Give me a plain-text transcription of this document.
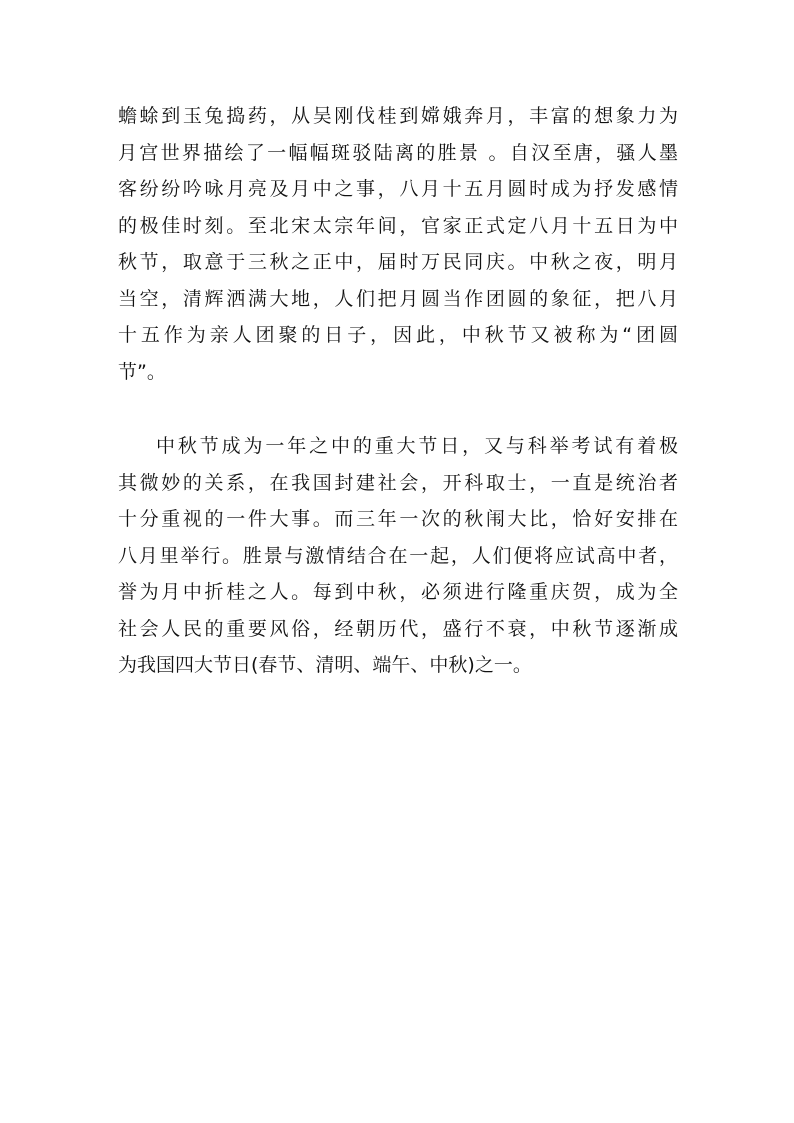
蟾蜍到玉兔捣药，从吴刚伐桂到嫦娥奔月，丰富的想象力为
月宫世界描绘了一幅幅斑驳陆离的胜景 。自汉至唐，骚人墨
客纷纷吟咏月亮及月中之事，八月十五月圆时成为抒发感情
的极佳时刻。至北宋太宗年间，官家正式定八月十五日为中
秋节，取意于三秋之正中，届时万民同庆。中秋之夜，明月
当空，清辉洒满大地，人们把月圆当作团圆的象征，把八月
十五作为亲人团聚的日子，因此，中秋节又被称为“团圆
节”。
中秋节成为一年之中的重大节日，又与科举考试有着极
其微妙的关系，在我国封建社会，开科取士，一直是统治者
十分重视的一件大事。而三年一次的秋闱大比，恰好安排在
八月里举行。胜景与激情结合在一起，人们便将应试高中者，
誉为月中折桂之人。每到中秋，必须进行隆重庆贺，成为全
社会人民的重要风俗，经朝历代，盛行不衰，中秋节逐渐成
为我国四大节日(春节、清明、端午、中秋)之一。
